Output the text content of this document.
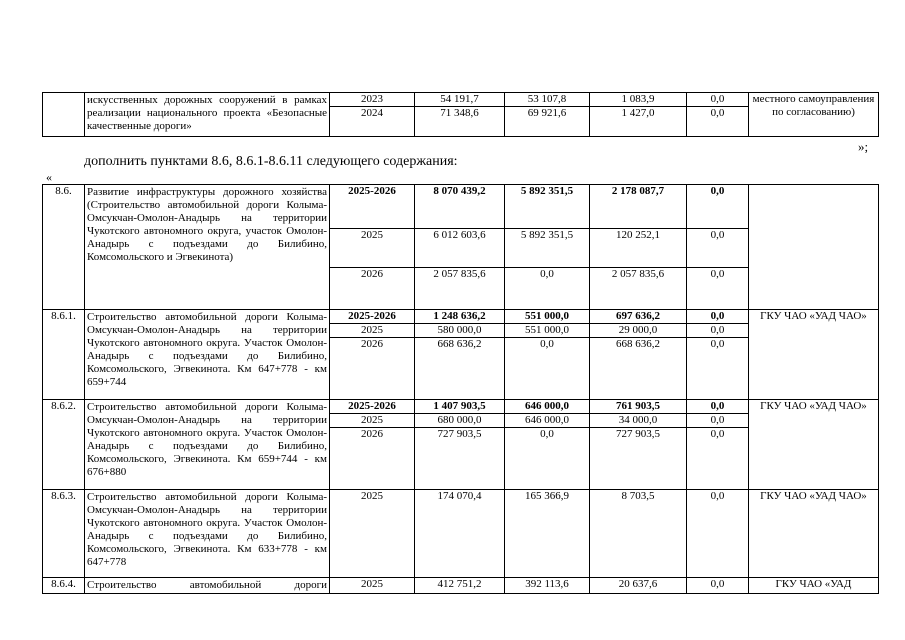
	искусственных дорожных сооружений в рамках реализации национального проекта «Безопасные качественные дороги»	2023	54 191,7	53 107,8	1 083,9	0,0	местного самоуправления по согласованию)
		2024	71 348,6	69 921,6	1 427,0	0,0	
»;
дополнить пунктами 8.6, 8.6.1-8.6.11 следующего содержания:
«
8.6.	Развитие инфраструктуры дорожного хозяйства (Строительство автомобильной дороги Колыма-Омсукчан-Омолон-Анадырь на территории Чукотского автономного округа, участок Омолон-Анадырь с подъездами до Билибино, Комсомольского и Эгвекинота)	2025-2026	8 070 439,2	5 892 351,5	2 178 087,7	0,0	
		2025	6 012 603,6	5 892 351,5	120 252,1	0,0	
		2026	2 057 835,6	0,0	2 057 835,6	0,0	
8.6.1.	Строительство автомобильной дороги Колыма-Омсукчан-Омолон-Анадырь на территории Чукотского автономного округа. Участок Омолон-Анадырь с подъездами до Билибино, Комсомольского, Эгвекинота. Км 647+778 - км 659+744	2025-2026	1 248 636,2	551 000,0	697 636,2	0,0	ГКУ ЧАО «УАД ЧАО»
		2025	580 000,0	551 000,0	29 000,0	0,0	
		2026	668 636,2	0,0	668 636,2	0,0	
8.6.2.	Строительство автомобильной дороги Колыма-Омсукчан-Омолон-Анадырь на территории Чукотского автономного округа. Участок Омолон-Анадырь с подъездами до Билибино, Комсомольского, Эгвекинота. Км 659+744 - км 676+880	2025-2026	1 407 903,5	646 000,0	761 903,5	0,0	ГКУ ЧАО «УАД ЧАО»
		2025	680 000,0	646 000,0	34 000,0	0,0	
		2026	727 903,5	0,0	727 903,5	0,0	
8.6.3.	Строительство автомобильной дороги Колыма-Омсукчан-Омолон-Анадырь на территории Чукотского автономного округа. Участок Омолон-Анадырь с подъездами до Билибино, Комсомольского, Эгвекинота. Км 633+778 - км 647+778	2025	174 070,4	165 366,9	8 703,5	0,0	ГКУ ЧАО «УАД ЧАО»
8.6.4.	Строительство автомобильной дороги	2025	412 751,2	392 113,6	20 637,6	0,0	ГКУ ЧАО «УАД
